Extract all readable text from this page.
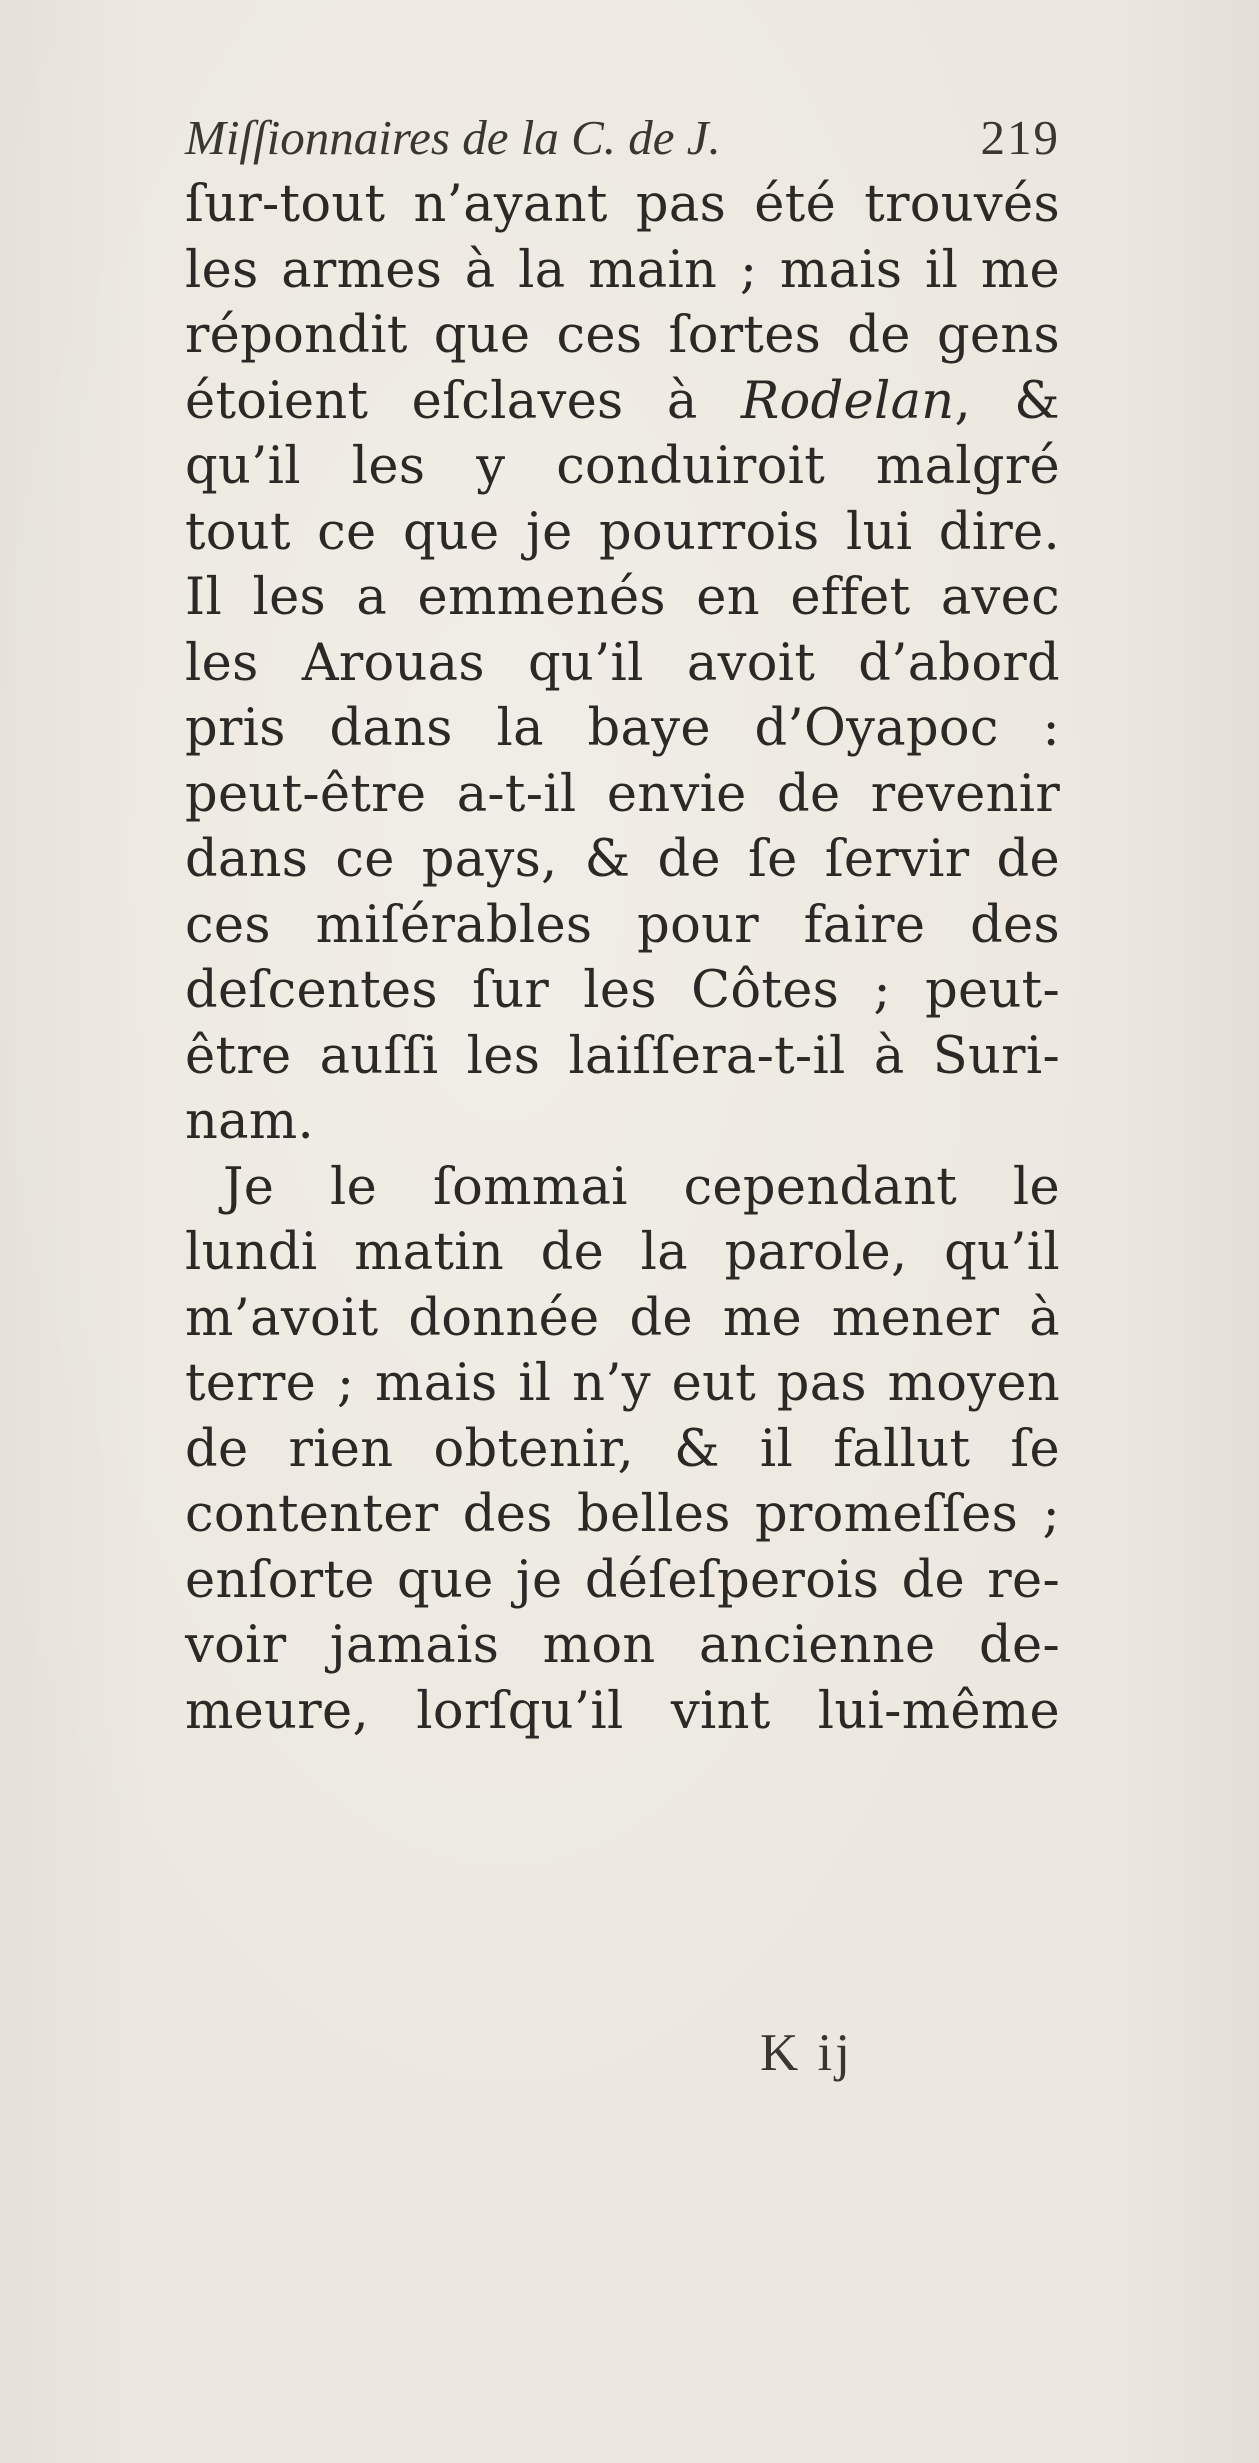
Miſſionnaires de la C. de J.	219
ſur-tout n’ayant pas été trouvés
les armes à la main ; mais il me
répondit que ces ſortes de gens
étoient eſclaves à Rodelan, &
qu’il les y conduiroit malgré
tout ce que je pourrois lui dire.
Il les a emmenés en effet avec
les Arouas qu’il avoit d’abord
pris dans la baye d’Oyapoc :
peut-être a-t-il envie de revenir
dans ce pays, & de ſe ſervir de
ces miſérables pour faire des
deſcentes ſur les Côtes ; peut-
être auſſi les laiſſera-t-il à Suri-
nam.
Je le ſommai cependant le
lundi matin de la parole, qu’il
m’avoit donnée de me mener à
terre ; mais il n’y eut pas moyen
de rien obtenir, & il fallut ſe
contenter des belles promeſſes ;
enſorte que je déſeſperois de re-
voir jamais mon ancienne de-
meure, lorſqu’il vint lui-même
K ij
